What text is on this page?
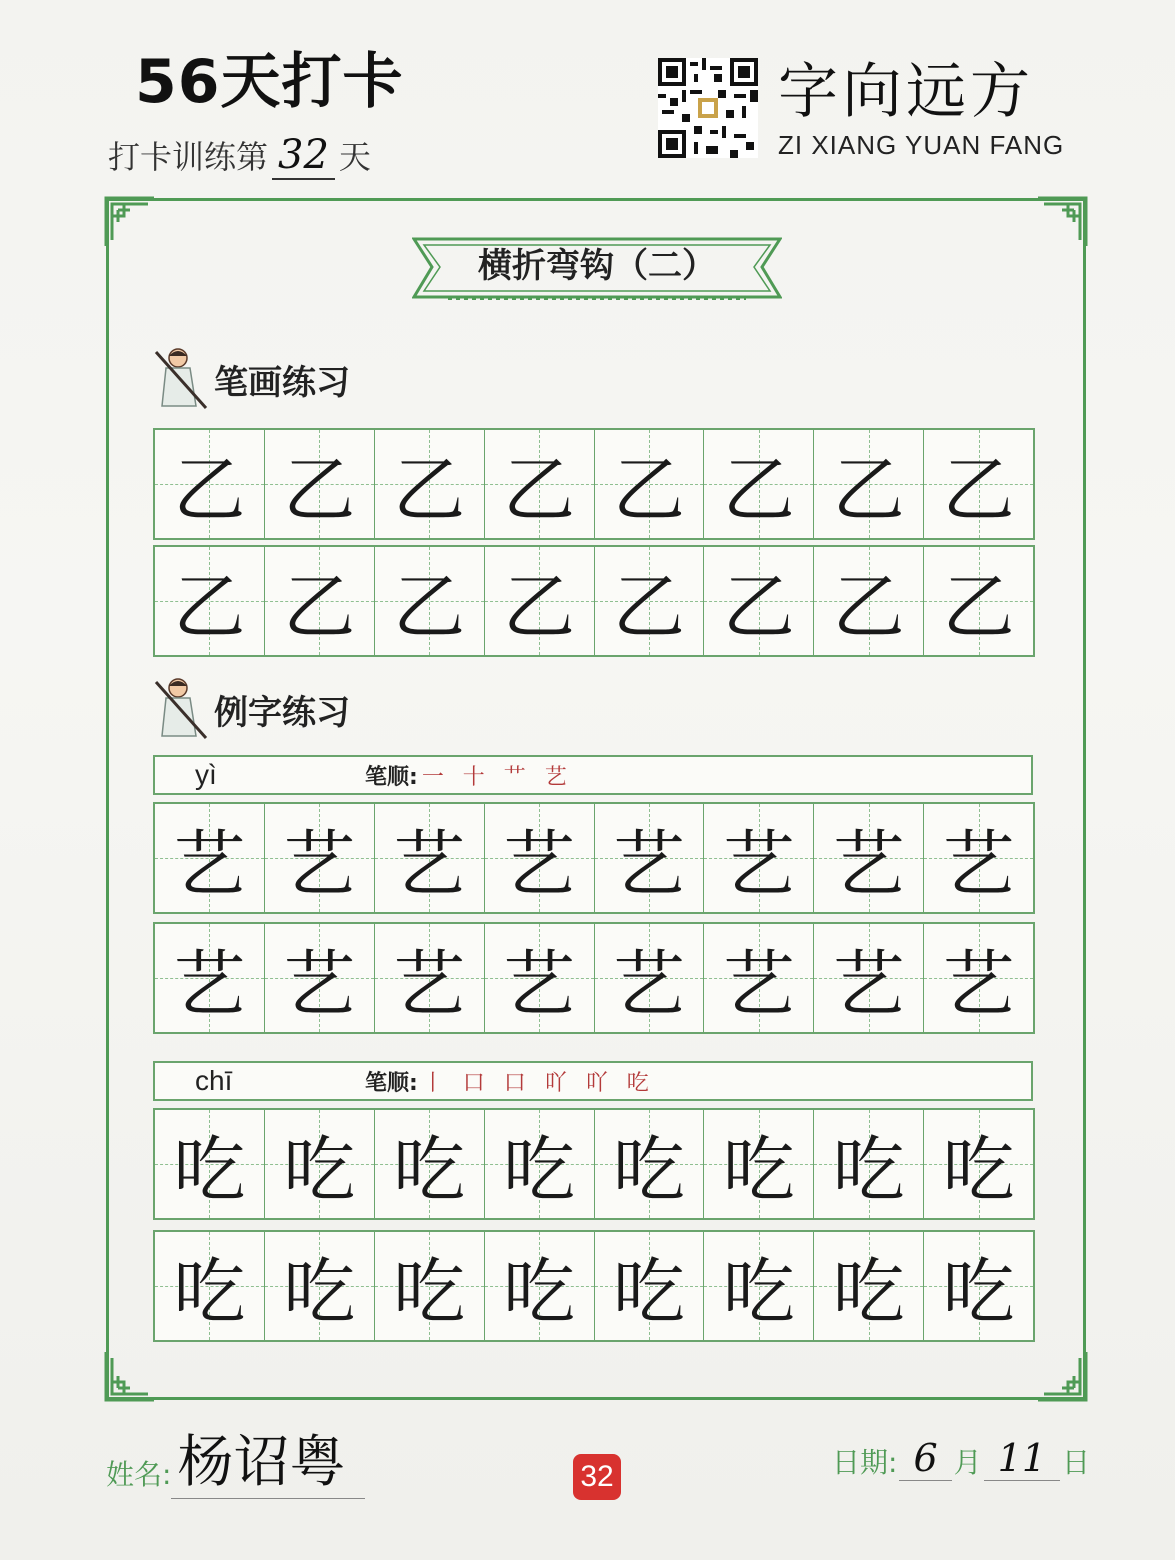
56天打卡
打卡训练第 32 天
字向远方
ZI XIANG YUAN FANG
横折弯钩（二）
笔画练习
乙 乙 乙 乙 乙 乙 乙 乙
乙 乙 乙 乙 乙 乙 乙 乙
例字练习
yì	笔顺: 一 十 艹 艺
艺 艺 艺 艺 艺 艺 艺 艺
艺 艺 艺 艺 艺 艺 艺 艺
chī	笔顺: 丨 口 口 吖 吖 吃
吃 吃 吃 吃 吃 吃 吃 吃
吃 吃 吃 吃 吃 吃 吃 吃
姓名: 杨诏粤	32	日期: 6 月 11 日
